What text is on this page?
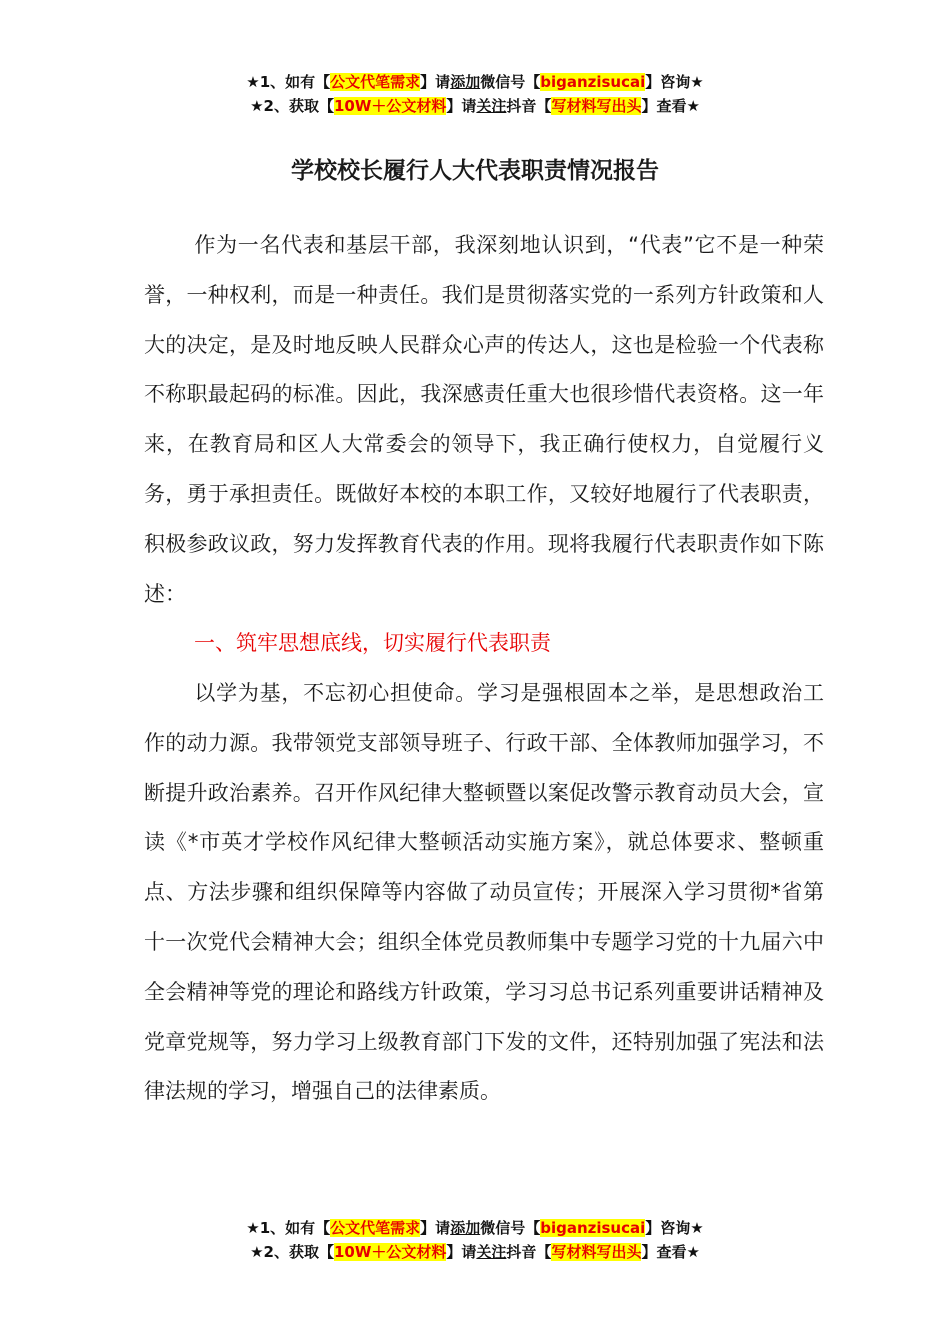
★1、如有【公文代笔需求】请添加微信号【biganzisucai】咨询★
★2、获取【10W＋公文材料】请关注抖音【写材料写出头】查看★
学校校长履行人大代表职责情况报告

作为一名代表和基层干部，我深刻地认识到，“代表”它不是一种荣誉，一种权利，而是一种责任。我们是贯彻落实党的一系列方针政策和人大的决定，是及时地反映人民群众心声的传达人，这也是检验一个代表称不称职最起码的标准。因此，我深感责任重大也很珍惜代表资格。这一年来，在教育局和区人大常委会的领导下，我正确行使权力，自觉履行义务，勇于承担责任。既做好本校的本职工作，又较好地履行了代表职责，积极参政议政，努力发挥教育代表的作用。现将我履行代表职责作如下陈述：

一、筑牢思想底线，切实履行代表职责

以学为基，不忘初心担使命。学习是强根固本之举，是思想政治工作的动力源。我带领党支部领导班子、行政干部、全体教师加强学习，不断提升政治素养。召开作风纪律大整顿暨以案促改警示教育动员大会，宣读《*市英才学校作风纪律大整顿活动实施方案》，就总体要求、整顿重点、方法步骤和组织保障等内容做了动员宣传；开展深入学习贯彻*省第十一次党代会精神大会；组织全体党员教师集中专题学习党的十九届六中全会精神等党的理论和路线方针政策，学习习总书记系列重要讲话精神及党章党规等，努力学习上级教育部门下发的文件，还特别加强了宪法和法律法规的学习，增强自己的法律素质。

★1、如有【公文代笔需求】请添加微信号【biganzisucai】咨询★
★2、获取【10W＋公文材料】请关注抖音【写材料写出头】查看★
